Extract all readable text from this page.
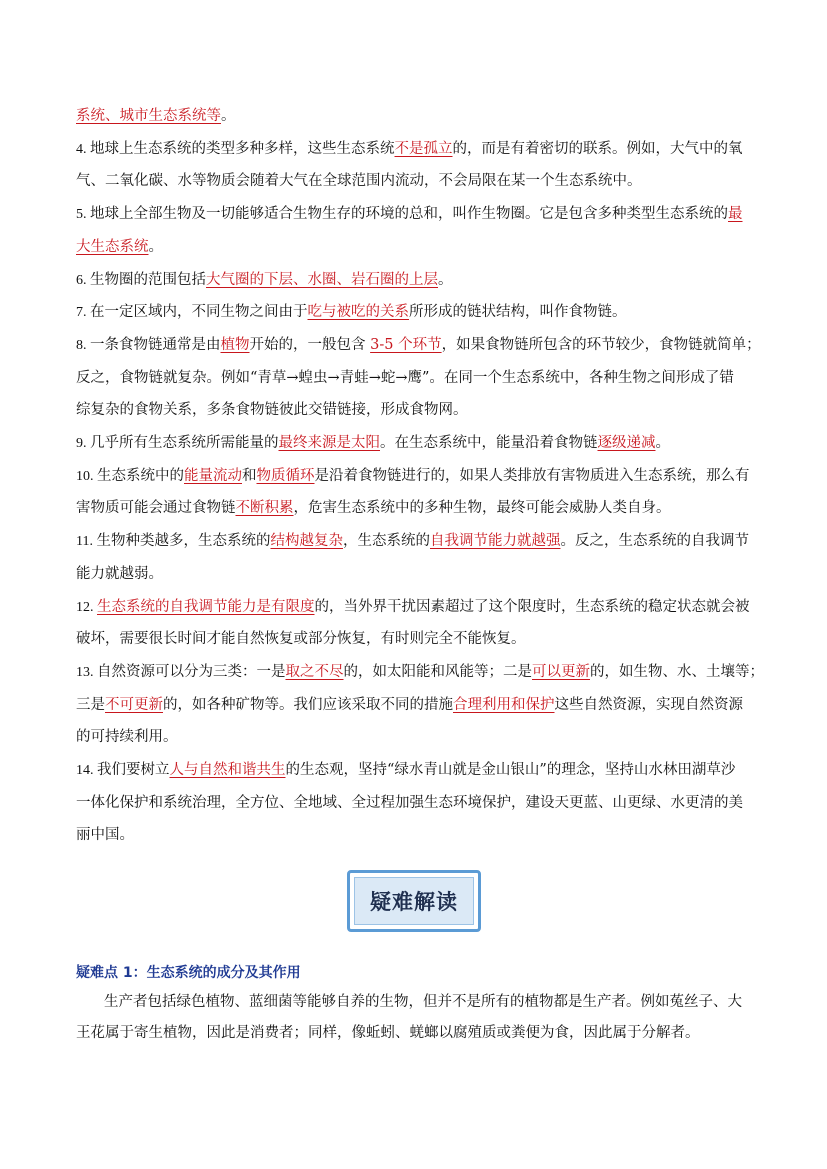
系统、城市生态系统等。
4. 地球上生态系统的类型多种多样，这些生态系统不是孤立的，而是有着密切的联系。例如，大气中的氧
气、二氧化碳、水等物质会随着大气在全球范围内流动，不会局限在某一个生态系统中。
5. 地球上全部生物及一切能够适合生物生存的环境的总和，叫作生物圈。它是包含多种类型生态系统的最
大生态系统。
6. 生物圈的范围包括大气圈的下层、水圈、岩石圈的上层。
7. 在一定区域内，不同生物之间由于吃与被吃的关系所形成的链状结构，叫作食物链。
8. 一条食物链通常是由植物开始的，一般包含 3-5 个环节，如果食物链所包含的环节较少，食物链就简单；
反之，食物链就复杂。例如“青草→蝗虫→青蛙→蛇→鹰”。在同一个生态系统中，各种生物之间形成了错
综复杂的食物关系，多条食物链彼此交错链接，形成食物网。
9. 几乎所有生态系统所需能量的最终来源是太阳。在生态系统中，能量沿着食物链逐级递减。
10. 生态系统中的能量流动和物质循环是沿着食物链进行的，如果人类排放有害物质进入生态系统，那么有
害物质可能会通过食物链不断积累，危害生态系统中的多种生物，最终可能会威胁人类自身。
11. 生物种类越多，生态系统的结构越复杂，生态系统的自我调节能力就越强。反之，生态系统的自我调节
能力就越弱。
12. 生态系统的自我调节能力是有限度的，当外界干扰因素超过了这个限度时，生态系统的稳定状态就会被
破坏，需要很长时间才能自然恢复或部分恢复，有时则完全不能恢复。
13. 自然资源可以分为三类：一是取之不尽的，如太阳能和风能等；二是可以更新的，如生物、水、土壤等；
三是不可更新的，如各种矿物等。我们应该采取不同的措施合理利用和保护这些自然资源，实现自然资源
的可持续利用。
14. 我们要树立人与自然和谐共生的生态观，坚持“绿水青山就是金山银山”的理念，坚持山水林田湖草沙
一体化保护和系统治理，全方位、全地域、全过程加强生态环境保护，建设天更蓝、山更绿、水更清的美
丽中国。
疑难解读
疑难点 1：生态系统的成分及其作用
生产者包括绿色植物、蓝细菌等能够自养的生物，但并不是所有的植物都是生产者。例如菟丝子、大
王花属于寄生植物，因此是消费者；同样，像蚯蚓、蜣螂以腐殖质或粪便为食，因此属于分解者。
